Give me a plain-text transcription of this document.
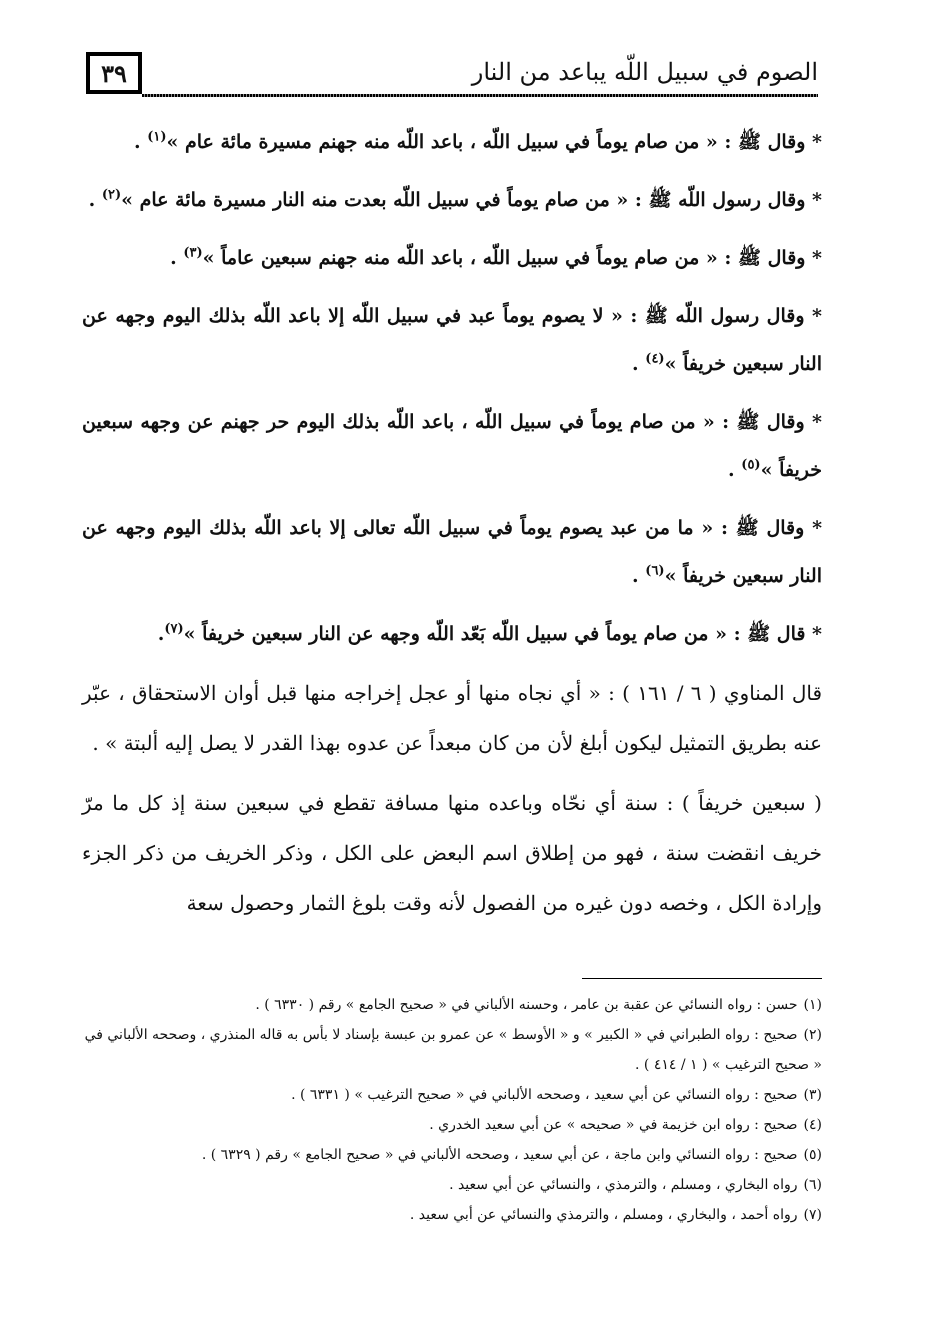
٣٩	الصوم في سبيل اللّه يباعد من النار

* وقال ﷺ : « من صام يوماً في سبيل اللّه ، باعد اللّه منه جهنم مسيرة مائة عام »$^{(١)}$ .

* وقال رسول اللّه ﷺ : « من صام يوماً في سبيل اللّه بعدت منه النار مسيرة مائة عام »$^{(٢)}$ .

* وقال ﷺ : « من صام يوماً في سبيل اللّه ، باعد اللّه منه جهنم سبعين عاماً »$^{(٣)}$ .

* وقال رسول اللّه ﷺ : « لا يصوم يوماً عبد في سبيل اللّه إلا باعد اللّه بذلك اليوم وجهه عن النار سبعين خريفاً »$^{(٤)}$ .

* وقال ﷺ : « من صام يوماً في سبيل اللّه ، باعد اللّه بذلك اليوم حر جهنم عن وجهه سبعين خريفاً »$^{(٥)}$ .

* وقال ﷺ : « ما من عبد يصوم يوماً في سبيل اللّه تعالى إلا باعد اللّه بذلك اليوم وجهه عن النار سبعين خريفاً »$^{(٦)}$ .

* قال ﷺ : « من صام يوماً في سبيل اللّه بَعّد اللّه وجهه عن النار سبعين خريفاً »$^{(٧)}$.

قال المناوي ( ٦ / ١٦١ ) : « أي نجاه منها أو عجل إخراجه منها قبل أوان الاستحقاق ، عبّر عنه بطريق التمثيل ليكون أبلغ لأن من كان مبعداً عن عدوه بهذا القدر لا يصل إليه ألبتة » .

( سبعين خريفاً ) : سنة أي نحّاه وباعده منها مسافة تقطع في سبعين سنة إذ كل ما مرّ خريف انقضت سنة ، فهو من إطلاق اسم البعض على الكل ، وذكر الخريف من ذكر الجزء وإرادة الكل ، وخصه دون غيره من الفصول لأنه وقت بلوغ الثمار وحصول سعة

(١)حسن : رواه النسائي عن عقبة بن عامر ، وحسنه الألباني في « صحيح الجامع » رقم ( ٦٣٣٠ ) .
(٢)صحيح : رواه الطبراني في « الكبير » و « الأوسط » عن عمرو بن عبسة بإسناد لا بأس به قاله المنذري ، وصححه الألباني في « صحيح الترغيب » ( ١ / ٤١٤ ) .
(٣)صحيح : رواه النسائي عن أبي سعيد ، وصححه الألباني في « صحيح الترغيب » ( ٦٣٣١ ) .
(٤)صحيح : رواه ابن خزيمة في « صحيحه » عن أبي سعيد الخدري .
(٥)صحيح : رواه النسائي وابن ماجة ، عن أبي سعيد ، وصححه الألباني في « صحيح الجامع » رقم ( ٦٣٢٩ ) .
(٦)رواه البخاري ، ومسلم ، والترمذي ، والنسائي عن أبي سعيد .
(٧)رواه أحمد ، والبخاري ، ومسلم ، والترمذي والنسائي عن أبي سعيد .
